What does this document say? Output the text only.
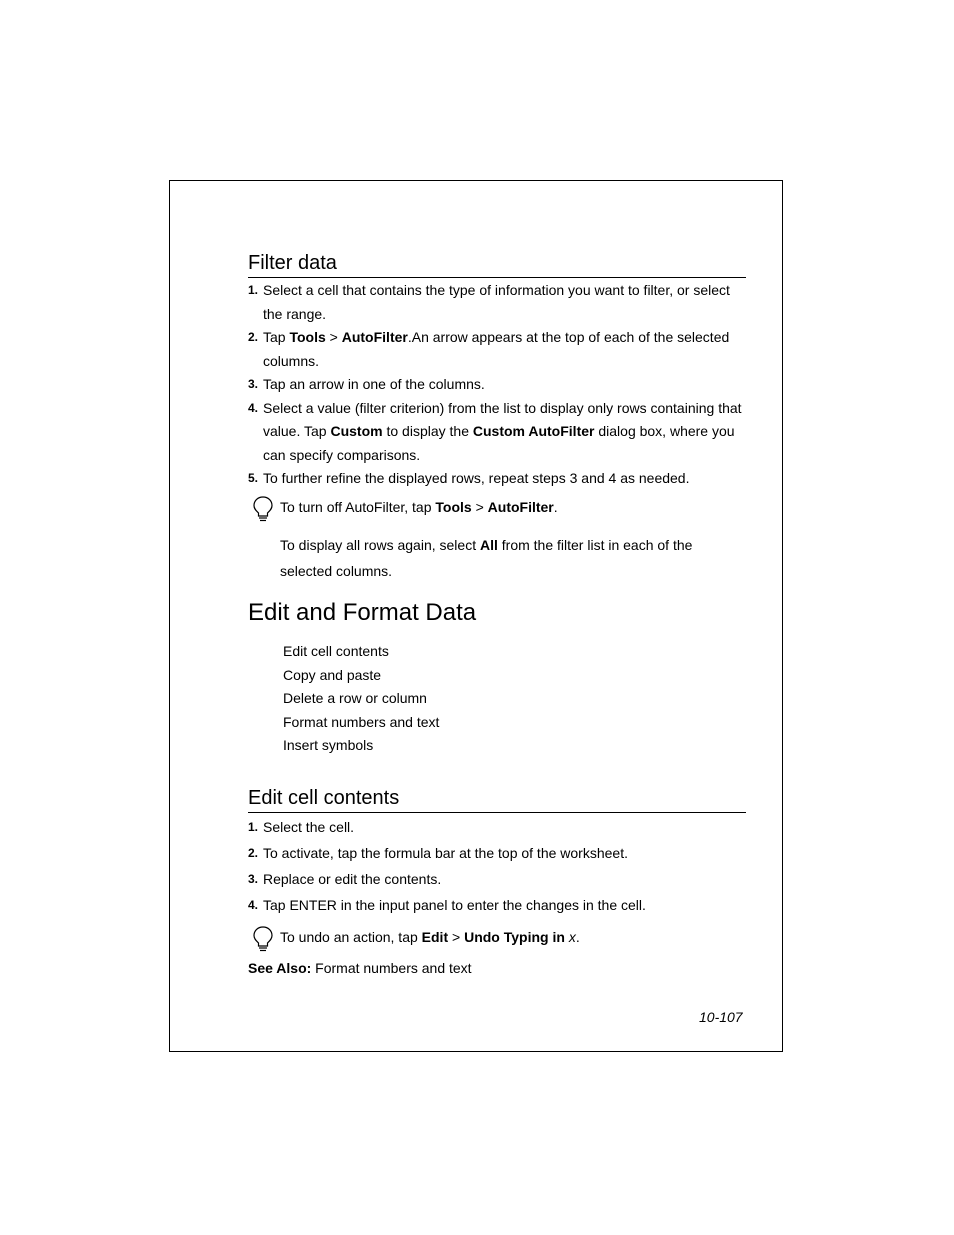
Filter data
1. Select a cell that contains the type of information you want to filter, or select the range.
2. Tap Tools > AutoFilter.An arrow appears at the top of each of the selected columns.
3. Tap an arrow in one of the columns.
4. Select a value (filter criterion) from the list to display only rows containing that value. Tap Custom to display the Custom AutoFilter dialog box, where you can specify comparisons.
5. To further refine the displayed rows, repeat steps 3 and 4 as needed.
To turn off AutoFilter, tap Tools > AutoFilter.
To display all rows again, select All from the filter list in each of the selected columns.
Edit and Format Data
Edit cell contents
Copy and paste
Delete a row or column
Format numbers and text
Insert symbols
Edit cell contents
1. Select the cell.
2. To activate, tap the formula bar at the top of the worksheet.
3. Replace or edit the contents.
4. Tap ENTER in the input panel to enter the changes in the cell.
To undo an action, tap Edit > Undo Typing in x.
See Also: Format numbers and text
10-107
